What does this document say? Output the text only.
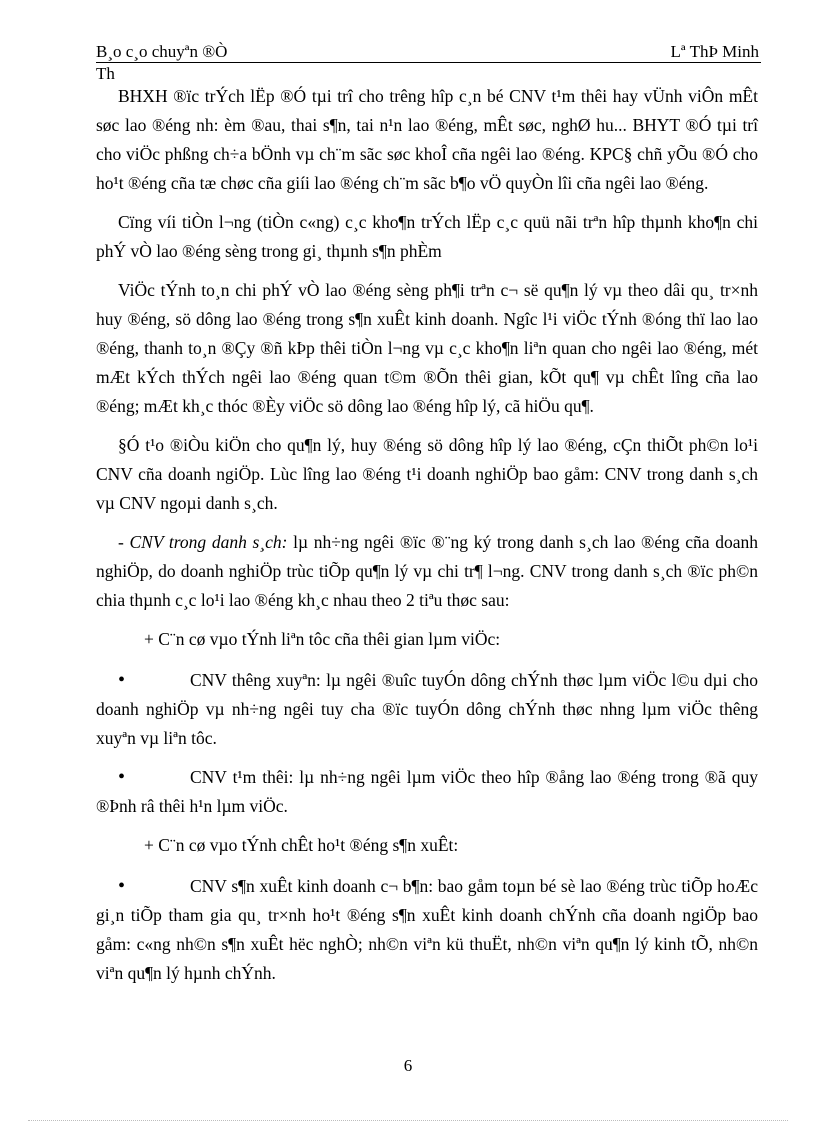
B¸o c¸o chuyªn ®Ò	Lª ThÞ Minh
Th

BHXH ®ïc trÝch lËp ®Ó tµi trî cho trêng hîp c¸n bé CNV t¹m thêi hay vÜnh viÔn mÊt søc lao ®éng nh: èm ®au, thai s¶n, tai n¹n lao ®éng, mÊt søc, nghØ hu... BHYT ®Ó tµi trî cho viÖc phßng ch÷a bÖnh vµ ch¨m sãc søc khoÎ cña ngêi lao ®éng. KPC§ chñ yÕu ®Ó cho ho¹t ®éng cña tæ chøc cña giíi lao ®éng ch¨m sãc b¶o vÖ quyÒn lîi cña ngêi lao ®éng.

Cïng víi tiÒn l¬ng (tiÒn c«ng) c¸c kho¶n trÝch lËp c¸c quü nãi trªn hîp thµnh kho¶n chi phÝ vÒ lao ®éng sèng trong gi¸ thµnh s¶n phÈm

ViÖc tÝnh to¸n chi phÝ vÒ lao ®éng sèng ph¶i trªn c¬ së qu¶n lý vµ theo dâi qu¸ tr×nh huy ®éng, sö dông lao ®éng trong s¶n xuÊt kinh doanh. Ngîc l¹i viÖc tÝnh ®óng thï lao lao ®éng, thanh to¸n ®Çy ®ñ kÞp thêi tiÒn l¬ng vµ c¸c kho¶n liªn quan cho ngêi lao ®éng, mét mÆt kÝch thÝch ngêi lao ®éng quan t©m ®Õn thêi gian, kÕt qu¶ vµ chÊt lîng cña lao ®éng; mÆt kh¸c thóc ®Èy viÖc sö dông lao ®éng hîp lý, cã hiÖu qu¶.

§Ó t¹o ®iÒu kiÖn cho qu¶n lý, huy ®éng sö dông hîp lý lao ®éng, cÇn thiÕt ph©n lo¹i CNV cña doanh ngiÖp. Lùc lîng lao ®éng t¹i doanh nghiÖp bao gåm: CNV trong danh s¸ch vµ CNV ngoµi danh s¸ch.

- CNV trong danh s¸ch: lµ nh÷ng ngêi ®ïc ®¨ng ký trong danh s¸ch lao ®éng cña doanh nghiÖp, do doanh nghiÖp trùc tiÕp qu¶n lý vµ chi tr¶ l¬ng. CNV trong danh s¸ch ®ïc ph©n chia thµnh c¸c lo¹i lao ®éng kh¸c nhau theo 2 tiªu thøc sau:

+ C¨n cø vµo tÝnh liªn tôc cña thêi gian lµm viÖc:

•	CNV thêng xuyªn: lµ ngêi ®uîc tuyÓn dông chÝnh thøc lµm viÖc l©u dµi cho doanh nghiÖp vµ nh÷ng ngêi tuy cha ®ïc tuyÓn dông chÝnh thøc nhng lµm viÖc thêng xuyªn vµ liªn tôc.

•	CNV t¹m thêi: lµ nh÷ng ngêi lµm viÖc theo hîp ®ång lao ®éng trong ®ã quy ®Þnh râ thêi h¹n lµm viÖc.

+ C¨n cø vµo tÝnh chÊt ho¹t ®éng s¶n xuÊt:

•	CNV s¶n xuÊt kinh doanh c¬ b¶n: bao gåm toµn bé sè lao ®éng trùc tiÕp hoÆc gi¸n tiÕp tham gia qu¸ tr×nh ho¹t ®éng s¶n xuÊt kinh doanh chÝnh cña doanh ngiÖp bao gåm: c«ng nh©n s¶n xuÊt hëc nghÒ; nh©n viªn kü thuËt, nh©n viªn qu¶n lý kinh tÕ, nh©n viªn qu¶n lý hµnh chÝnh.

6
